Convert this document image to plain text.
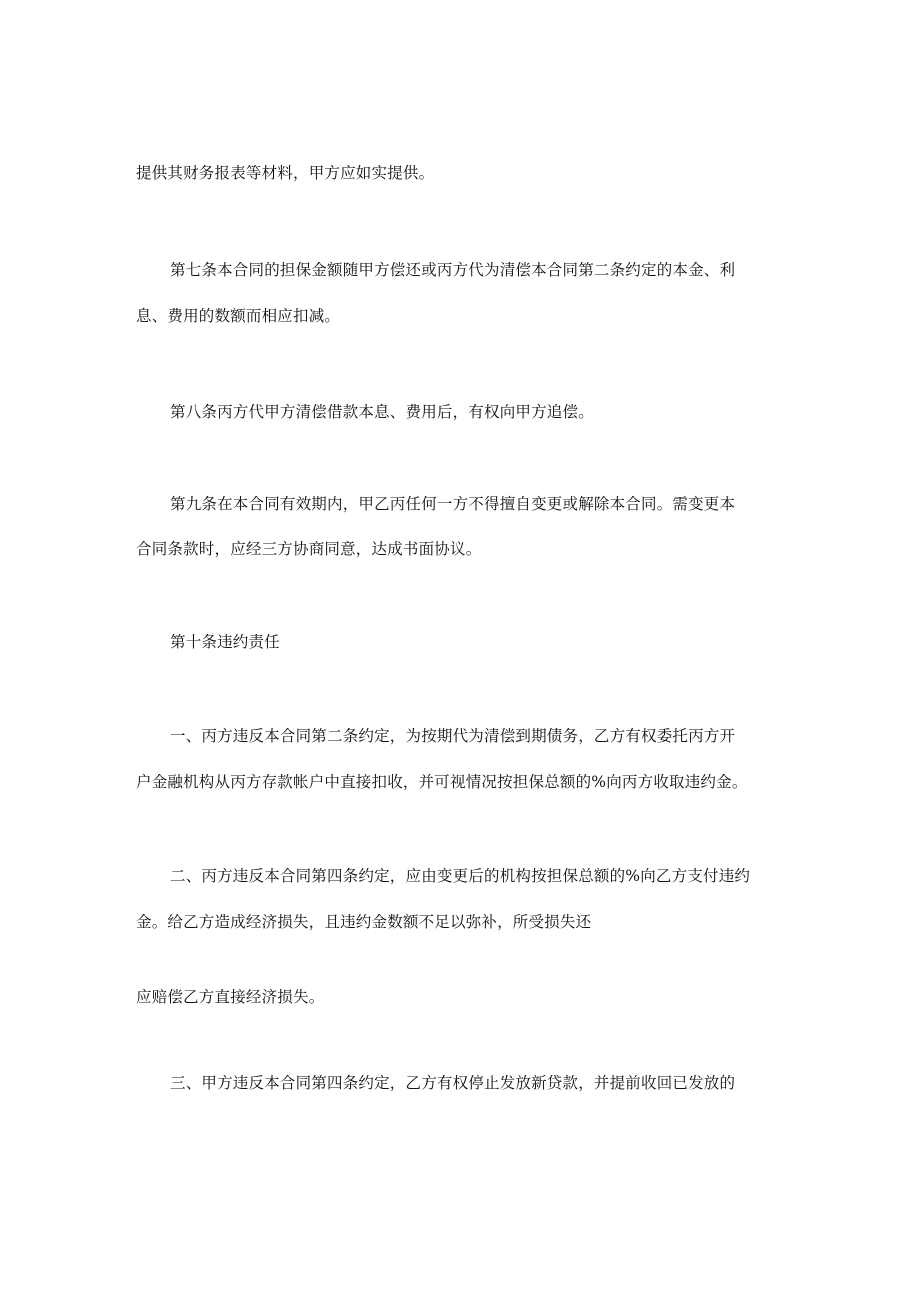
提供其财务报表等材料，甲方应如实提供。
第七条本合同的担保金额随甲方偿还或丙方代为清偿本合同第二条约定的本金、利
息、费用的数额而相应扣减。
第八条丙方代甲方清偿借款本息、费用后，有权向甲方追偿。
第九条在本合同有效期内，甲乙丙任何一方不得擅自变更或解除本合同。需变更本
合同条款时，应经三方协商同意，达成书面协议。
第十条违约责任
一、丙方违反本合同第二条约定，为按期代为清偿到期债务，乙方有权委托丙方开
户金融机构从丙方存款帐户中直接扣收，并可视情况按担保总额的%向丙方收取违约金。
二、丙方违反本合同第四条约定，应由变更后的机构按担保总额的%向乙方支付违约
金。给乙方造成经济损失，且违约金数额不足以弥补，所受损失还
应赔偿乙方直接经济损失。
三、甲方违反本合同第四条约定，乙方有权停止发放新贷款，并提前收回已发放的
